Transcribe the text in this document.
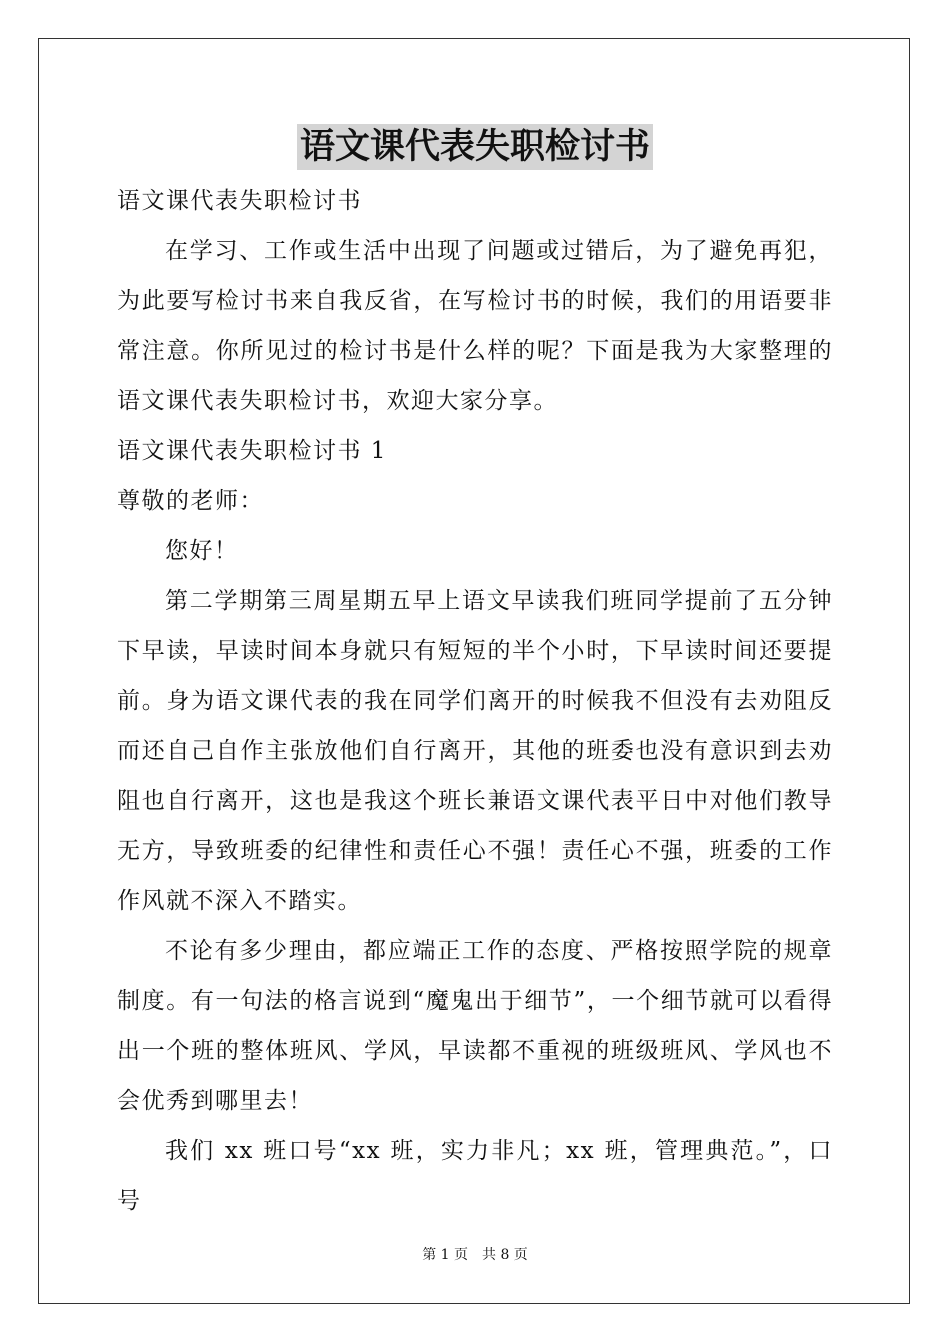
语文课代表失职检讨书

语文课代表失职检讨书

在学习、工作或生活中出现了问题或过错后，为了避免再犯，为此要写检讨书来自我反省，在写检讨书的时候，我们的用语要非常注意。你所见过的检讨书是什么样的呢？下面是我为大家整理的语文课代表失职检讨书，欢迎大家分享。

语文课代表失职检讨书 1

尊敬的老师：

您好！

第二学期第三周星期五早上语文早读我们班同学提前了五分钟下早读，早读时间本身就只有短短的半个小时，下早读时间还要提前。身为语文课代表的我在同学们离开的时候我不但没有去劝阻反而还自己自作主张放他们自行离开，其他的班委也没有意识到去劝阻也自行离开，这也是我这个班长兼语文课代表平日中对他们教导无方，导致班委的纪律性和责任心不强！责任心不强，班委的工作作风就不深入不踏实。

不论有多少理由，都应端正工作的态度、严格按照学院的规章制度。有一句法的格言说到“魔鬼出于细节”，一个细节就可以看得出一个班的整体班风、学风，早读都不重视的班级班风、学风也不会优秀到哪里去！

我们 xx 班口号“xx 班，实力非凡；xx 班，管理典范。”，口号

第 1 页　共 8 页
